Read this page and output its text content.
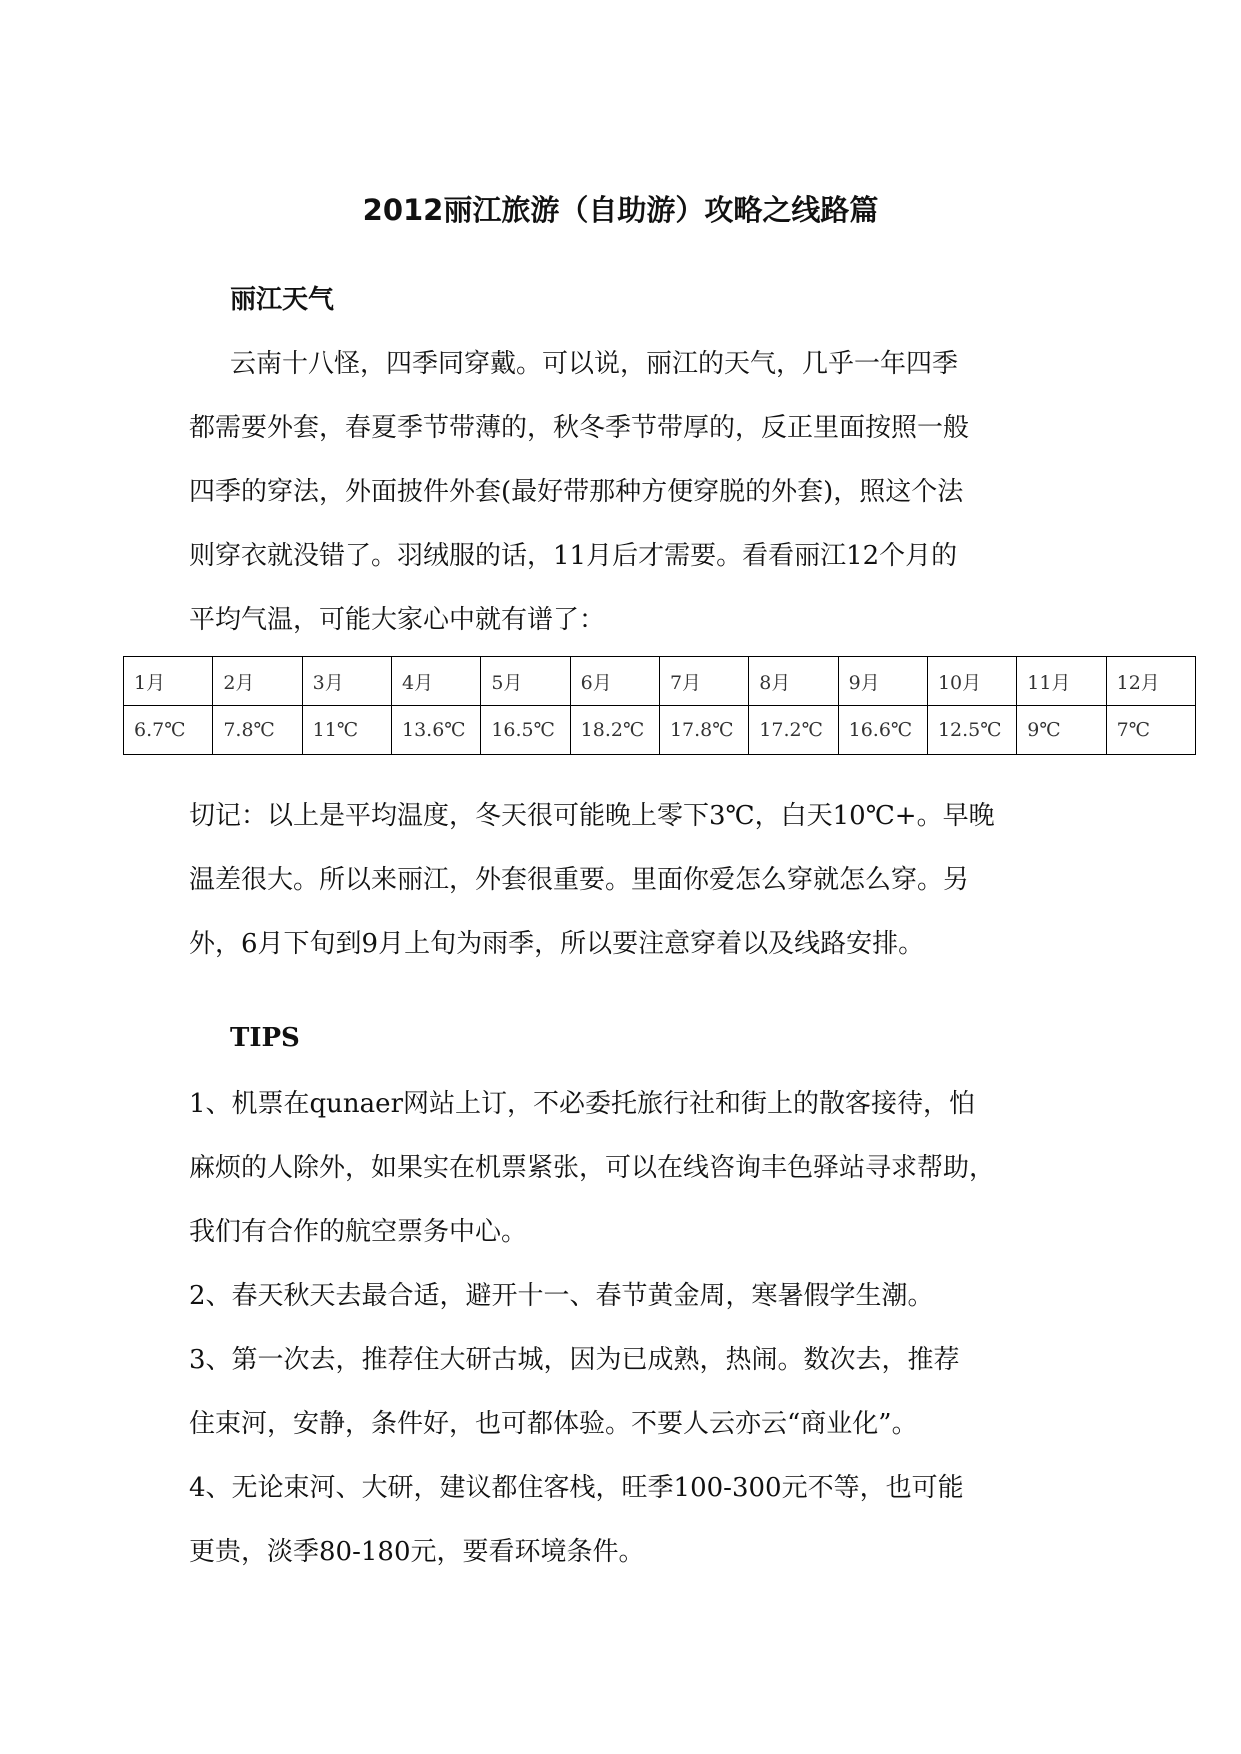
2012丽江旅游（自助游）攻略之线路篇
丽江天气
云南十八怪，四季同穿戴。可以说，丽江的天气，几乎一年四季
都需要外套，春夏季节带薄的，秋冬季节带厚的，反正里面按照一般
四季的穿法，外面披件外套(最好带那种方便穿脱的外套)，照这个法
则穿衣就没错了。羽绒服的话，11月后才需要。看看丽江12个月的
平均气温，可能大家心中就有谱了：
1月	2月	3月	4月	5月	6月	7月	8月	9月	10月	11月	12月
6.7℃	7.8℃	11℃	13.6℃	16.5℃	18.2℃	17.8℃	17.2℃	16.6℃	12.5℃	9℃	7℃
切记：以上是平均温度，冬天很可能晚上零下3℃，白天10℃+。早晚
温差很大。所以来丽江，外套很重要。里面你爱怎么穿就怎么穿。另
外，6月下旬到9月上旬为雨季，所以要注意穿着以及线路安排。
TIPS
1、机票在qunaer网站上订，不必委托旅行社和街上的散客接待，怕
麻烦的人除外，如果实在机票紧张，可以在线咨询丰色驿站寻求帮助，
我们有合作的航空票务中心。
2、春天秋天去最合适，避开十一、春节黄金周，寒暑假学生潮。
3、第一次去，推荐住大研古城，因为已成熟，热闹。数次去，推荐
住束河，安静，条件好，也可都体验。不要人云亦云“商业化”。
4、无论束河、大研，建议都住客栈，旺季100-300元不等，也可能
更贵，淡季80-180元，要看环境条件。
